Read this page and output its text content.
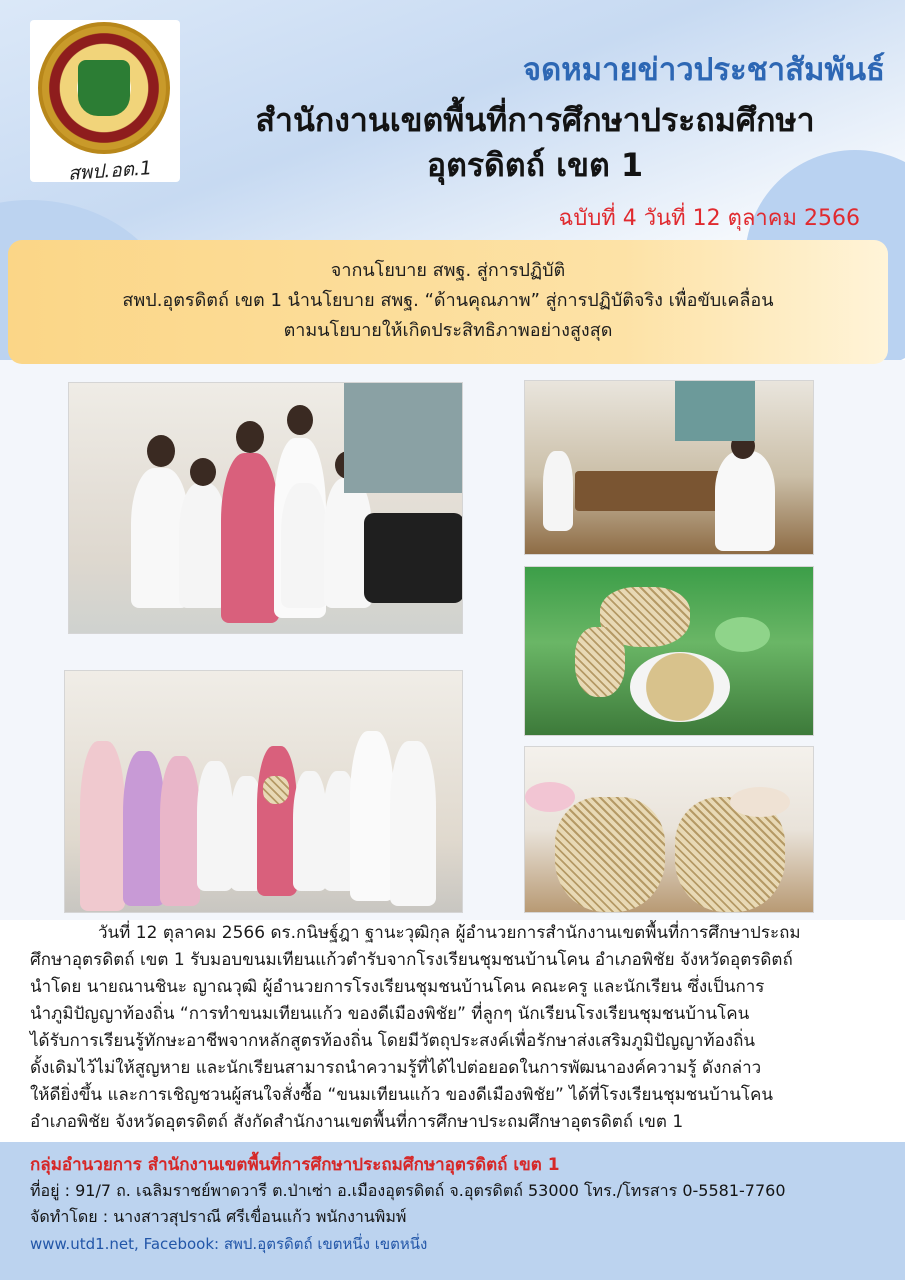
สพป.อต.1
จดหมายข่าวประชาสัมพันธ์
สำนักงานเขตพื้นที่การศึกษาประถมศึกษา
อุตรดิตถ์ เขต 1
ฉบับที่ 4 วันที่ 12 ตุลาคม 2566

จากนโยบาย สพฐ. สู่การปฏิบัติ

สพป.อุตรดิตถ์ เขต 1 นำนโยบาย สพฐ. “ด้านคุณภาพ” สู่การปฏิบัติจริง เพื่อขับเคลื่อน

ตามนโยบายให้เกิดประสิทธิภาพอย่างสูงสุด

วันที่ 12 ตุลาคม 2566 ดร.กนิษฐ์ฎา ฐานะวุฒิกุล ผู้อำนวยการสำนักงานเขตพื้นที่การศึกษาประถม
ศึกษาอุตรดิตถ์ เขต 1 รับมอบขนมเทียนแก้วตำรับจากโรงเรียนชุมชนบ้านโคน อำเภอพิชัย จังหวัดอุตรดิตถ์
นำโดย นายณานชินะ ญาณวุฒิ ผู้อำนวยการโรงเรียนชุมชนบ้านโคน คณะครู และนักเรียน ซึ่งเป็นการ
นำภูมิปัญญาท้องถิ่น “การทำขนมเทียนแก้ว ของดีเมืองพิชัย” ที่ลูกๆ นักเรียนโรงเรียนชุมชนบ้านโคน
ได้รับการเรียนรู้ทักษะอาชีพจากหลักสูตรท้องถิ่น โดยมีวัตถุประสงค์เพื่อรักษาส่งเสริมภูมิปัญญาท้องถิ่น
ดั้งเดิมไว้ไม่ให้สูญหาย และนักเรียนสามารถนำความรู้ที่ได้ไปต่อยอดในการพัฒนาองค์ความรู้ ดังกล่าว
ให้ดียิ่งขึ้น และการเชิญชวนผู้สนใจสั่งซื้อ “ขนมเทียนแก้ว ของดีเมืองพิชัย” ได้ที่โรงเรียนชุมชนบ้านโคน
อำเภอพิชัย จังหวัดอุตรดิตถ์ สังกัดสำนักงานเขตพื้นที่การศึกษาประถมศึกษาอุตรดิตถ์ เขต 1
กลุ่มอำนวยการ สำนักงานเขตพื้นที่การศึกษาประถมศึกษาอุตรดิตถ์ เขต 1
ที่อยู่ : 91/7 ถ. เฉลิมราชย์พาดวารี ต.ป่าเซ่า อ.เมืองอุตรดิตถ์ จ.อุตรดิตถ์ 53000 โทร./โทรสาร 0-5581-7760
จัดทำโดย : นางสาวสุปราณี ศรีเขื่อนแก้ว พนักงานพิมพ์
www.utd1.net, Facebook: สพป.อุตรดิตถ์ เขตหนึ่ง เขตหนึ่ง
